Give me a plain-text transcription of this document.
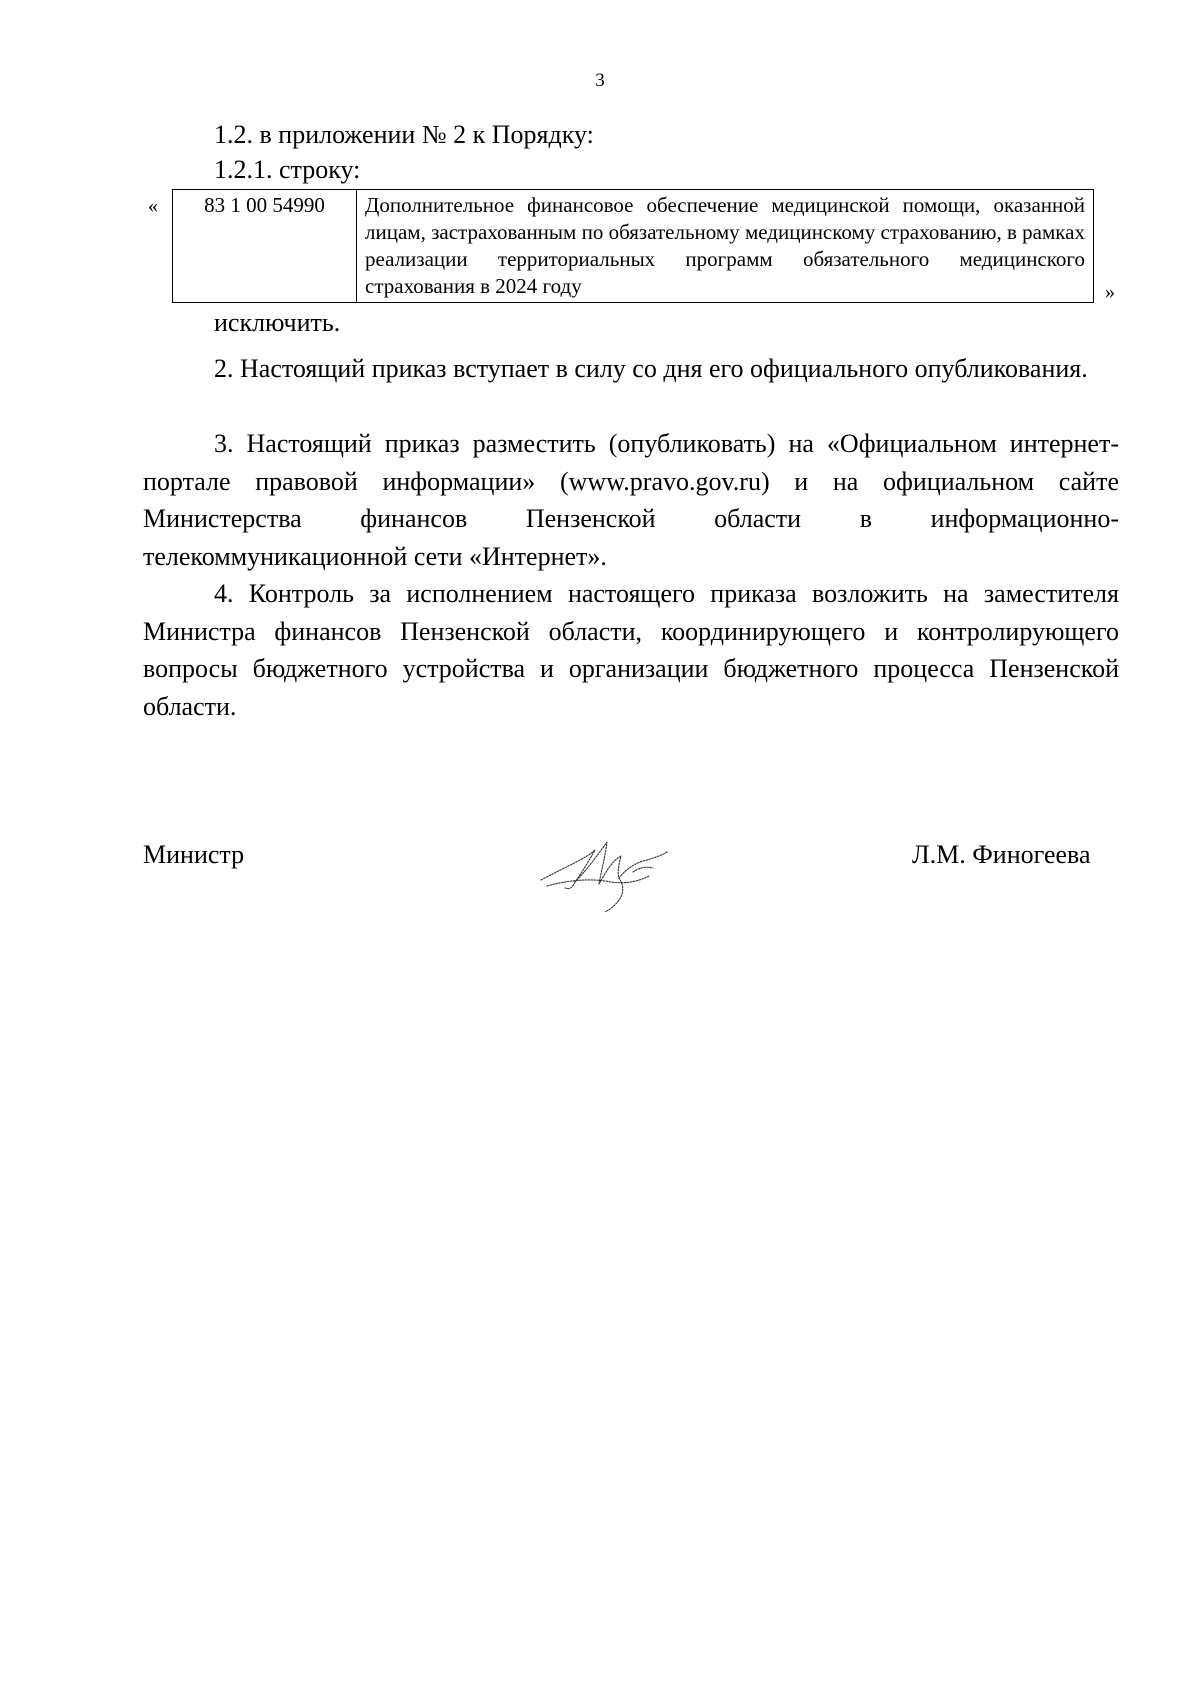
3
1.2. в приложении № 2 к Порядку:
1.2.1. строку:
« 83 1 00 54990	Дополнительное финансовое обеспечение медицинской помощи, оказанной лицам, застрахованным по обязательному медицинскому страхованию, в рамках реализации территориальных программ обязательного медицинского страхования в 2024 году	»
исключить.

2. Настоящий приказ вступает в силу со дня его официального опубликования.

3. Настоящий приказ разместить (опубликовать) на «Официальном интернет-портале правовой информации» (www.pravo.gov.ru) и на официальном сайте Министерства финансов Пензенской области в информационно-телекоммуникационной сети «Интернет».

4. Контроль за исполнением настоящего приказа возложить на заместителя Министра финансов Пензенской области, координирующего и контролирующего вопросы бюджетного устройства и организации бюджетного процесса Пензенской области.

Министр	Л.М. Финогеева
